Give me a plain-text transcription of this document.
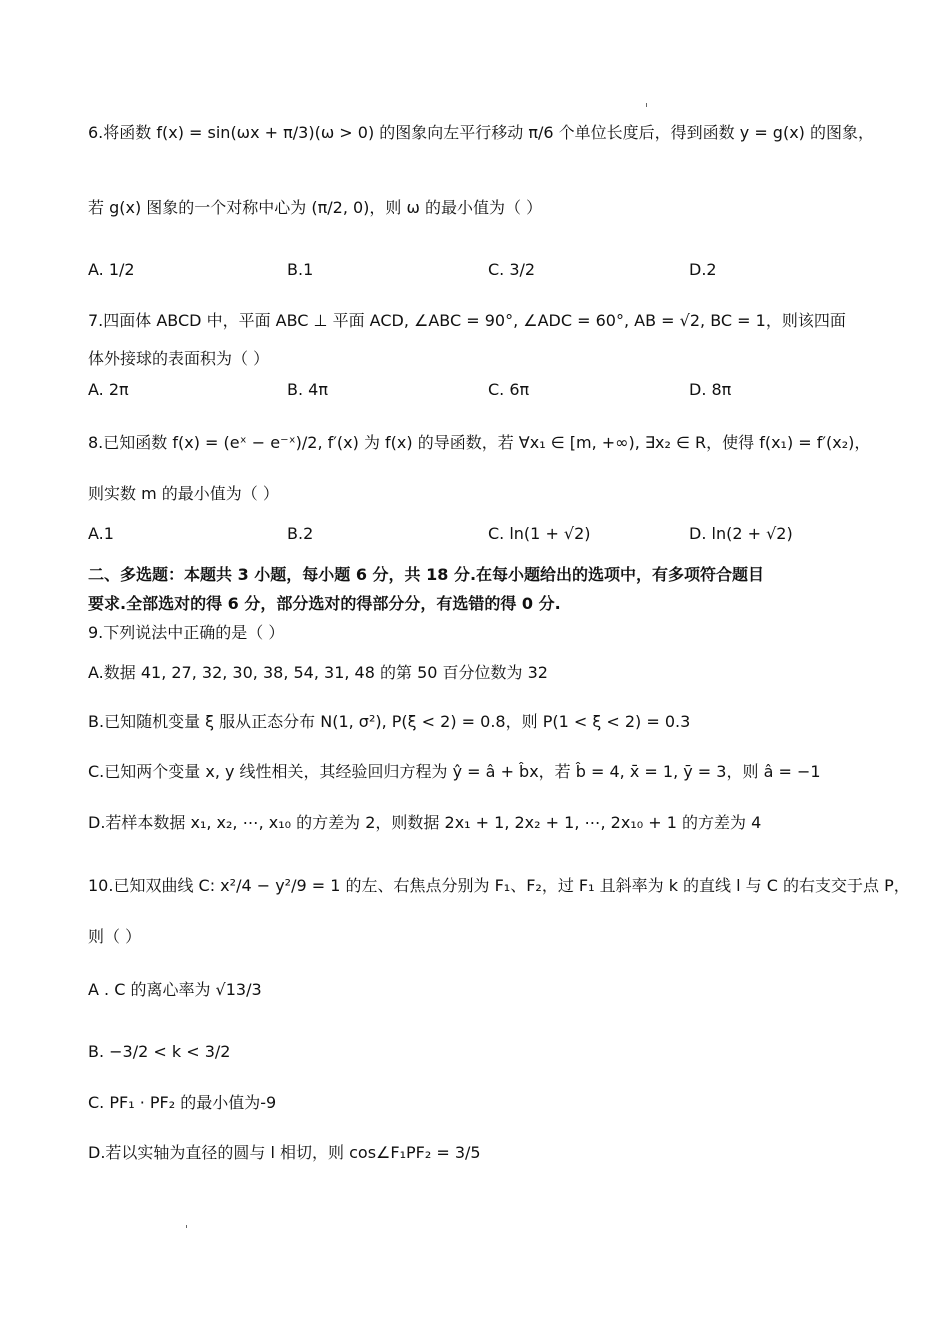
6.将函数 f(x) = sin(ωx + π/3)(ω > 0) 的图象向左平行移动 π/6 个单位长度后，得到函数 y = g(x) 的图象，
若 g(x) 图象的一个对称中心为 (π/2, 0)，则 ω 的最小值为（ ）
A. 1/2	B.1	C. 3/2	D.2
7.四面体 ABCD 中，平面 ABC ⊥ 平面 ACD, ∠ABC = 90°, ∠ADC = 60°, AB = √2, BC = 1，则该四面
体外接球的表面积为（ ）
A. 2π	B. 4π	C. 6π	D. 8π
8.已知函数 f(x) = (eˣ − e⁻ˣ)/2, f′(x) 为 f(x) 的导函数，若 ∀x₁ ∈ [m, +∞), ∃x₂ ∈ R，使得 f(x₁) = f′(x₂)，
则实数 m 的最小值为（ ）
A.1	B.2	C. ln(1 + √2)	D. ln(2 + √2)
二、多选题：本题共 3 小题，每小题 6 分，共 18 分.在每小题给出的选项中，有多项符合题目
要求.全部选对的得 6 分，部分选对的得部分分，有选错的得 0 分.
9.下列说法中正确的是（ ）
A.数据 41, 27, 32, 30, 38, 54, 31, 48 的第 50 百分位数为 32
B.已知随机变量 ξ 服从正态分布 N(1, σ²), P(ξ < 2) = 0.8，则 P(1 < ξ < 2) = 0.3
C.已知两个变量 x, y 线性相关，其经验回归方程为 ŷ = â + b̂x，若 b̂ = 4, x̄ = 1, ȳ = 3，则 â = −1
D.若样本数据 x₁, x₂, ⋯, x₁₀ 的方差为 2，则数据 2x₁ + 1, 2x₂ + 1, ⋯, 2x₁₀ + 1 的方差为 4
10.已知双曲线 C: x²/4 − y²/9 = 1 的左、右焦点分别为 F₁、F₂，过 F₁ 且斜率为 k 的直线 l 与 C 的右支交于点 P，
则（ ）
A . C 的离心率为 √13/3
B. −3/2 < k < 3/2
C. PF₁ · PF₂ 的最小值为-9
D.若以实轴为直径的圆与 l 相切，则 cos∠F₁PF₂ = 3/5
